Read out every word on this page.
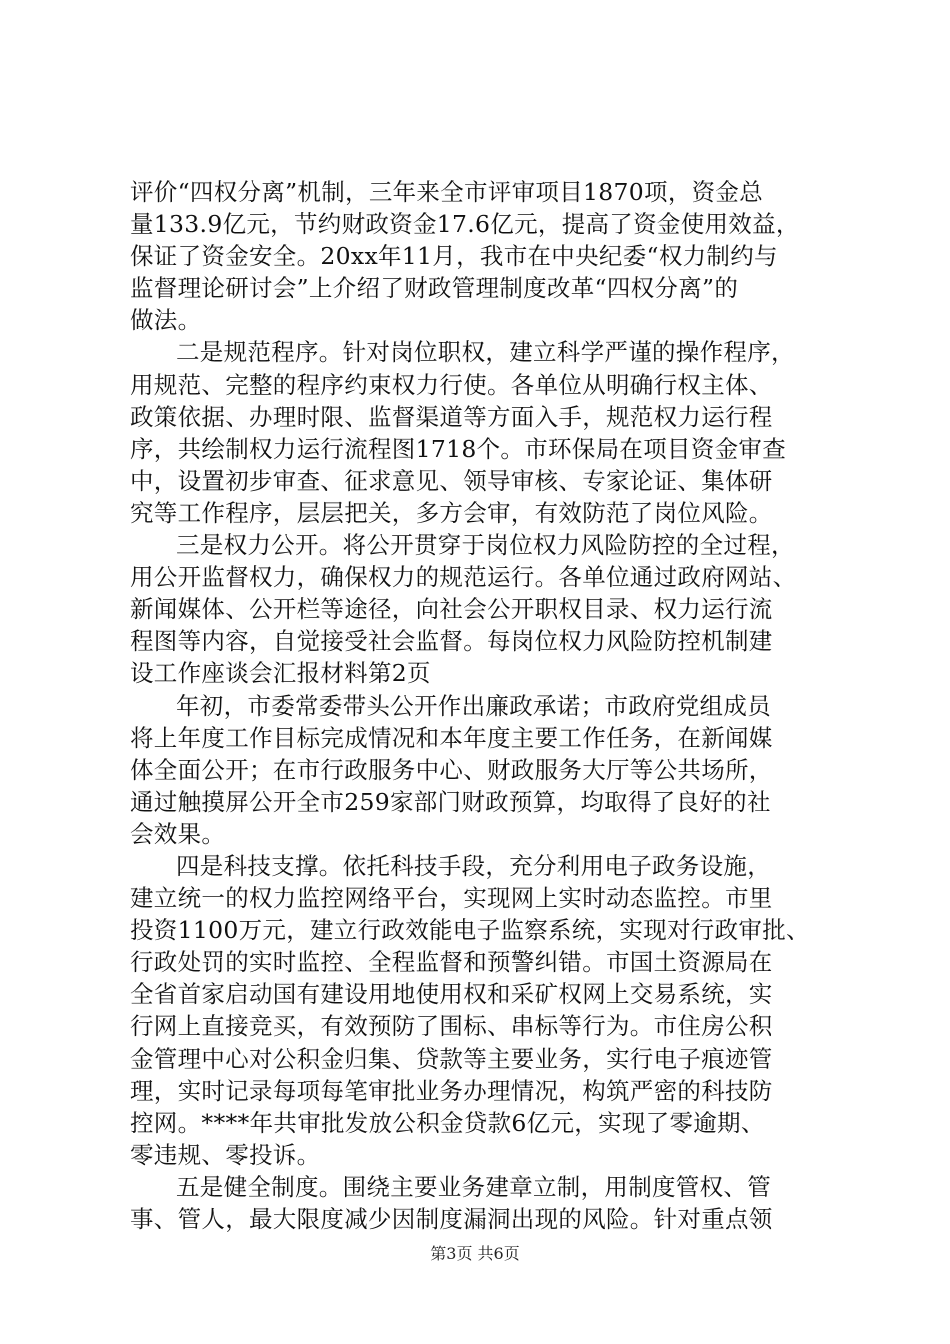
评价“四权分离”机制，三年来全市评审项目1870项，资金总
量133.9亿元，节约财政资金17.6亿元，提高了资金使用效益，
保证了资金安全。20xx年11月，我市在中央纪委“权力制约与
监督理论研讨会”上介绍了财政管理制度改革“四权分离”的
做法。
二是规范程序。针对岗位职权，建立科学严谨的操作程序，
用规范、完整的程序约束权力行使。各单位从明确行权主体、
政策依据、办理时限、监督渠道等方面入手，规范权力运行程
序，共绘制权力运行流程图1718个。市环保局在项目资金审查
中，设置初步审查、征求意见、领导审核、专家论证、集体研
究等工作程序，层层把关，多方会审，有效防范了岗位风险。
三是权力公开。将公开贯穿于岗位权力风险防控的全过程，
用公开监督权力，确保权力的规范运行。各单位通过政府网站、
新闻媒体、公开栏等途径，向社会公开职权目录、权力运行流
程图等内容，自觉接受社会监督。每岗位权力风险防控机制建
设工作座谈会汇报材料第2页
年初，市委常委带头公开作出廉政承诺；市政府党组成员
将上年度工作目标完成情况和本年度主要工作任务，在新闻媒
体全面公开；在市行政服务中心、财政服务大厅等公共场所，
通过触摸屏公开全市259家部门财政预算，均取得了良好的社
会效果。
四是科技支撑。依托科技手段，充分利用电子政务设施，
建立统一的权力监控网络平台，实现网上实时动态监控。市里
投资1100万元，建立行政效能电子监察系统，实现对行政审批、
行政处罚的实时监控、全程监督和预警纠错。市国土资源局在
全省首家启动国有建设用地使用权和采矿权网上交易系统，实
行网上直接竞买，有效预防了围标、串标等行为。市住房公积
金管理中心对公积金归集、贷款等主要业务，实行电子痕迹管
理，实时记录每项每笔审批业务办理情况，构筑严密的科技防
控网。****年共审批发放公积金贷款6亿元，实现了零逾期、
零违规、零投诉。
五是健全制度。围绕主要业务建章立制，用制度管权、管
事、管人，最大限度减少因制度漏洞出现的风险。针对重点领
第3页 共6页
